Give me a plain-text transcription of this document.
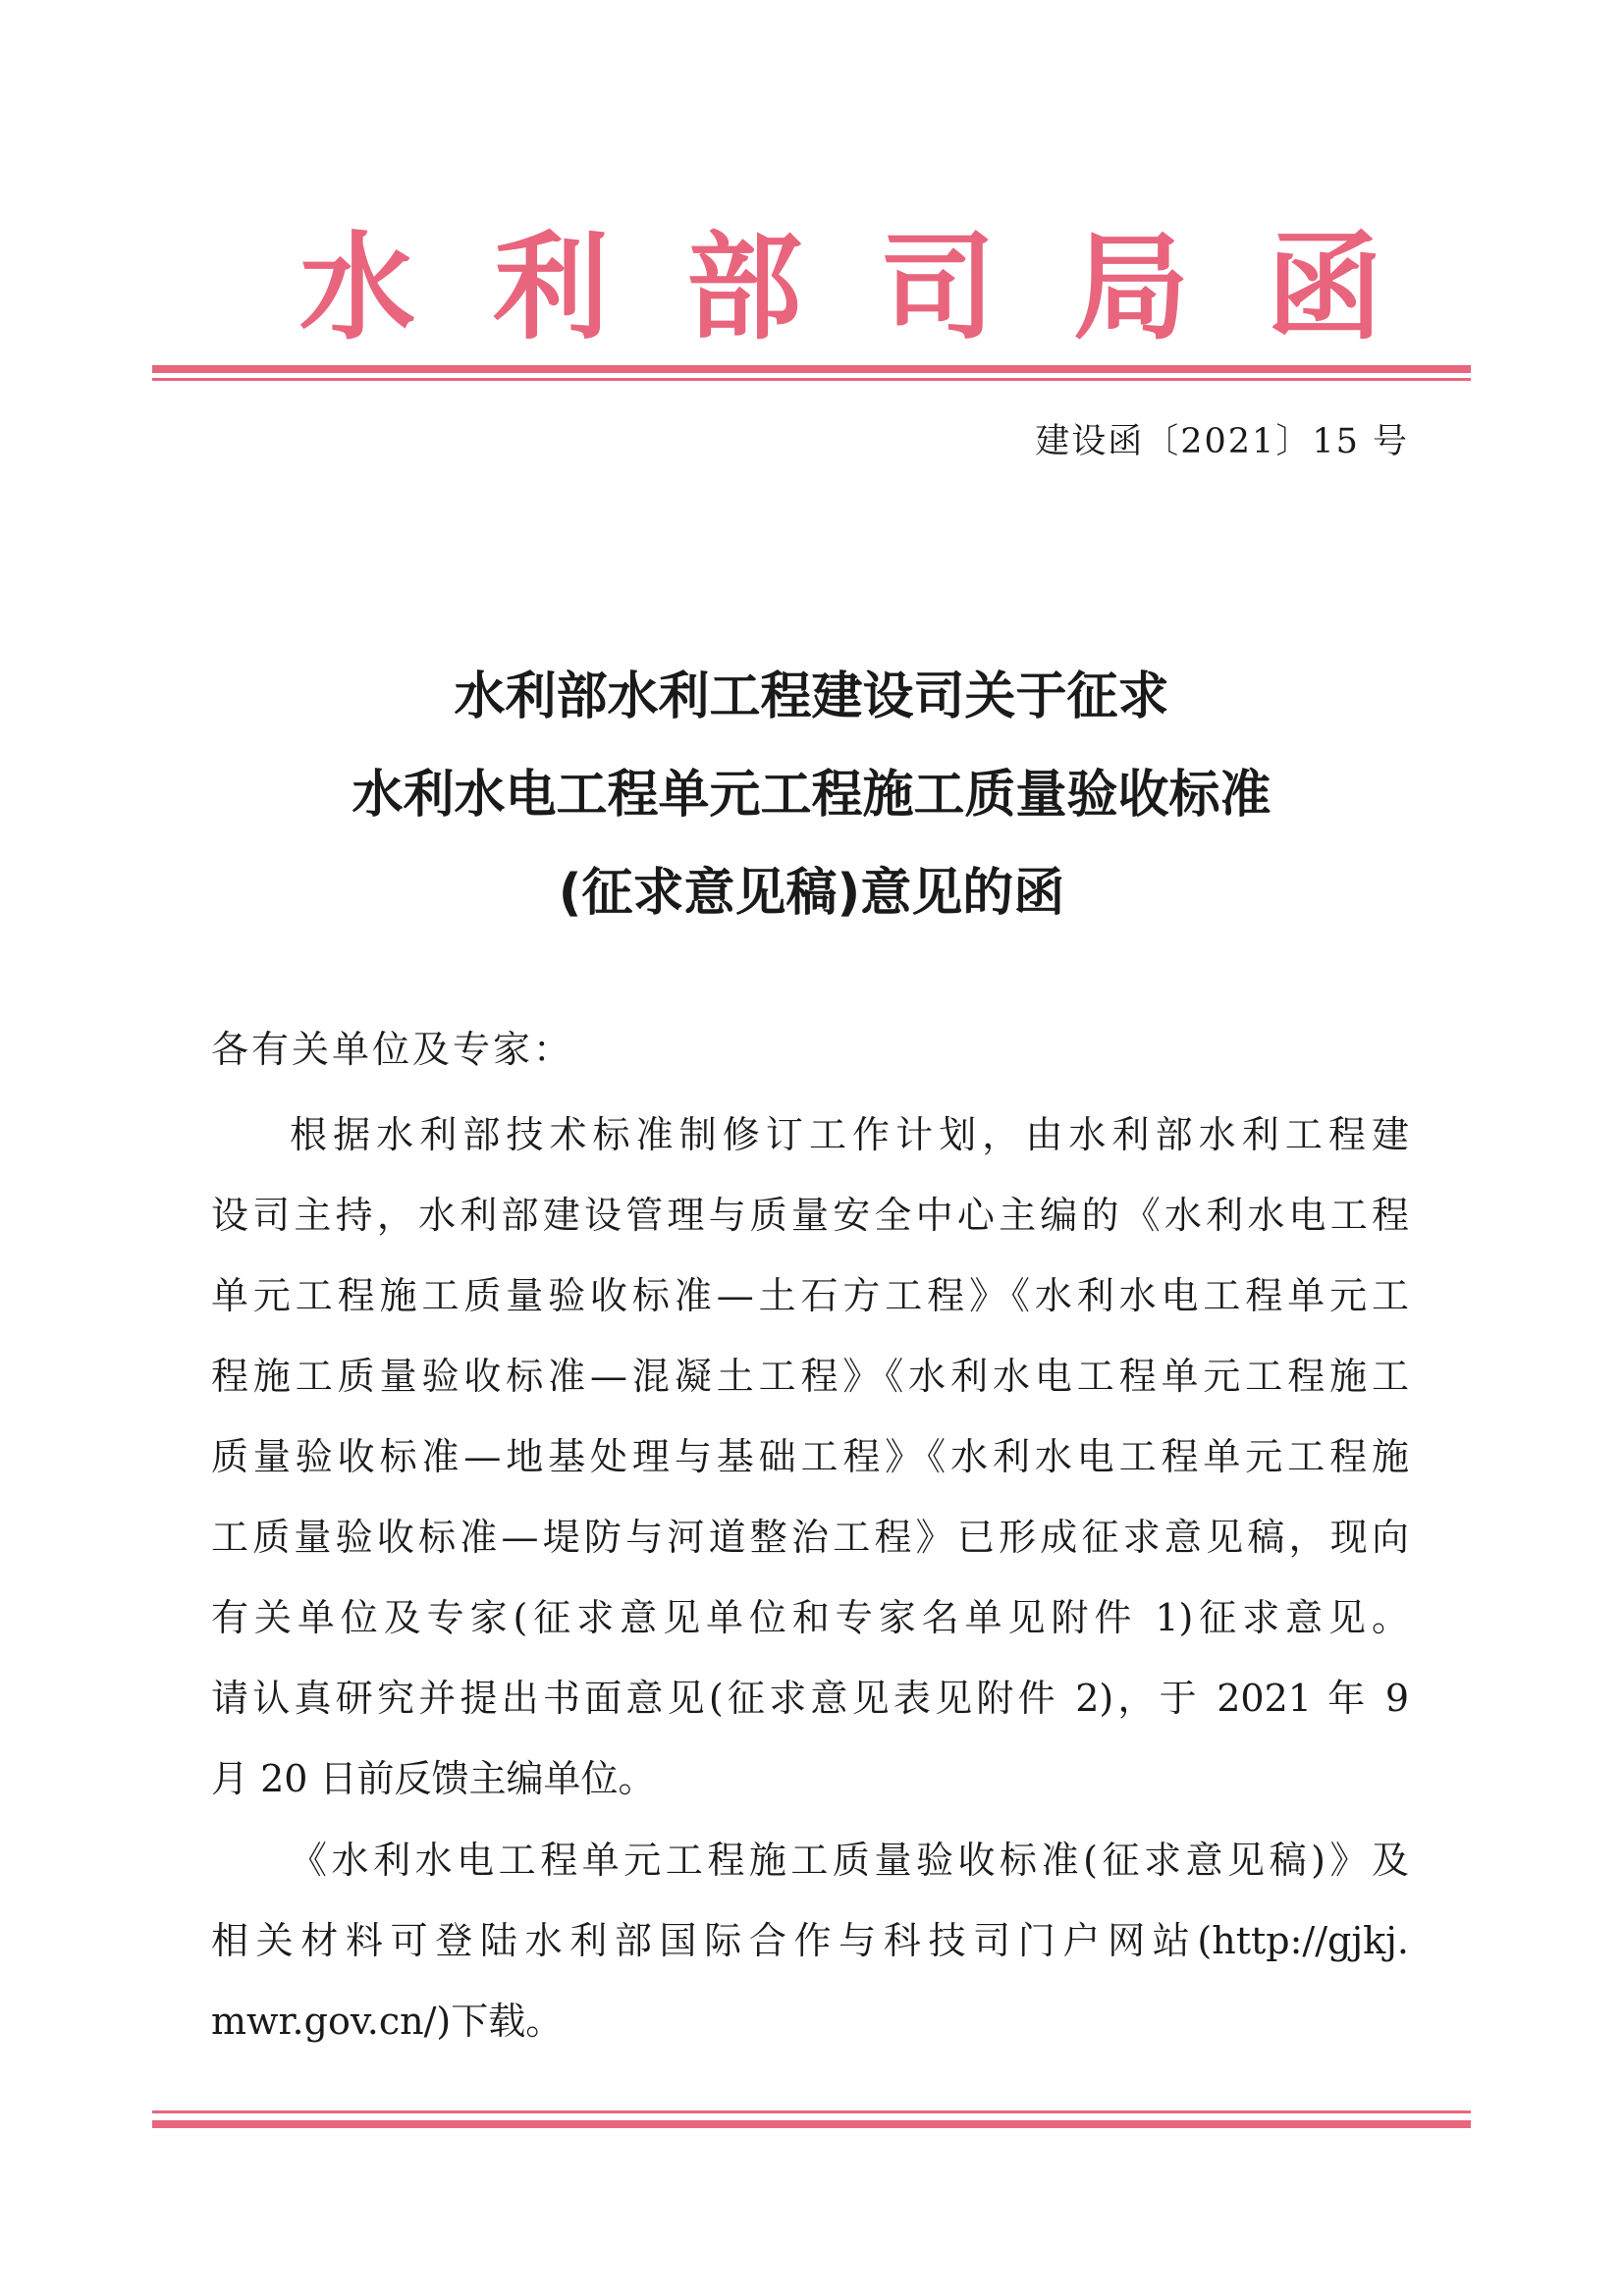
水 利 部 司 局 函
建设函〔2021〕15 号
水利部水利工程建设司关于征求
水利水电工程单元工程施工质量验收标准
(征求意见稿)意见的函
各有关单位及专家：
根据水利部技术标准制修订工作计划，由水利部水利工程建
设司主持，水利部建设管理与质量安全中心主编的《水利水电工程
单元工程施工质量验收标准—土石方工程》《水利水电工程单元工
程施工质量验收标准—混凝土工程》《水利水电工程单元工程施工
质量验收标准—地基处理与基础工程》《水利水电工程单元工程施
工质量验收标准—堤防与河道整治工程》已形成征求意见稿，现向
有关单位及专家(征求意见单位和专家名单见附件 1)征求意见。
请认真研究并提出书面意见(征求意见表见附件 2)，于 2021 年 9
月 20 日前反馈主编单位。
《水利水电工程单元工程施工质量验收标准(征求意见稿)》及
相关材料可登陆水利部国际合作与科技司门户网站(http://gjkj.
mwr.gov.cn/)下载。
